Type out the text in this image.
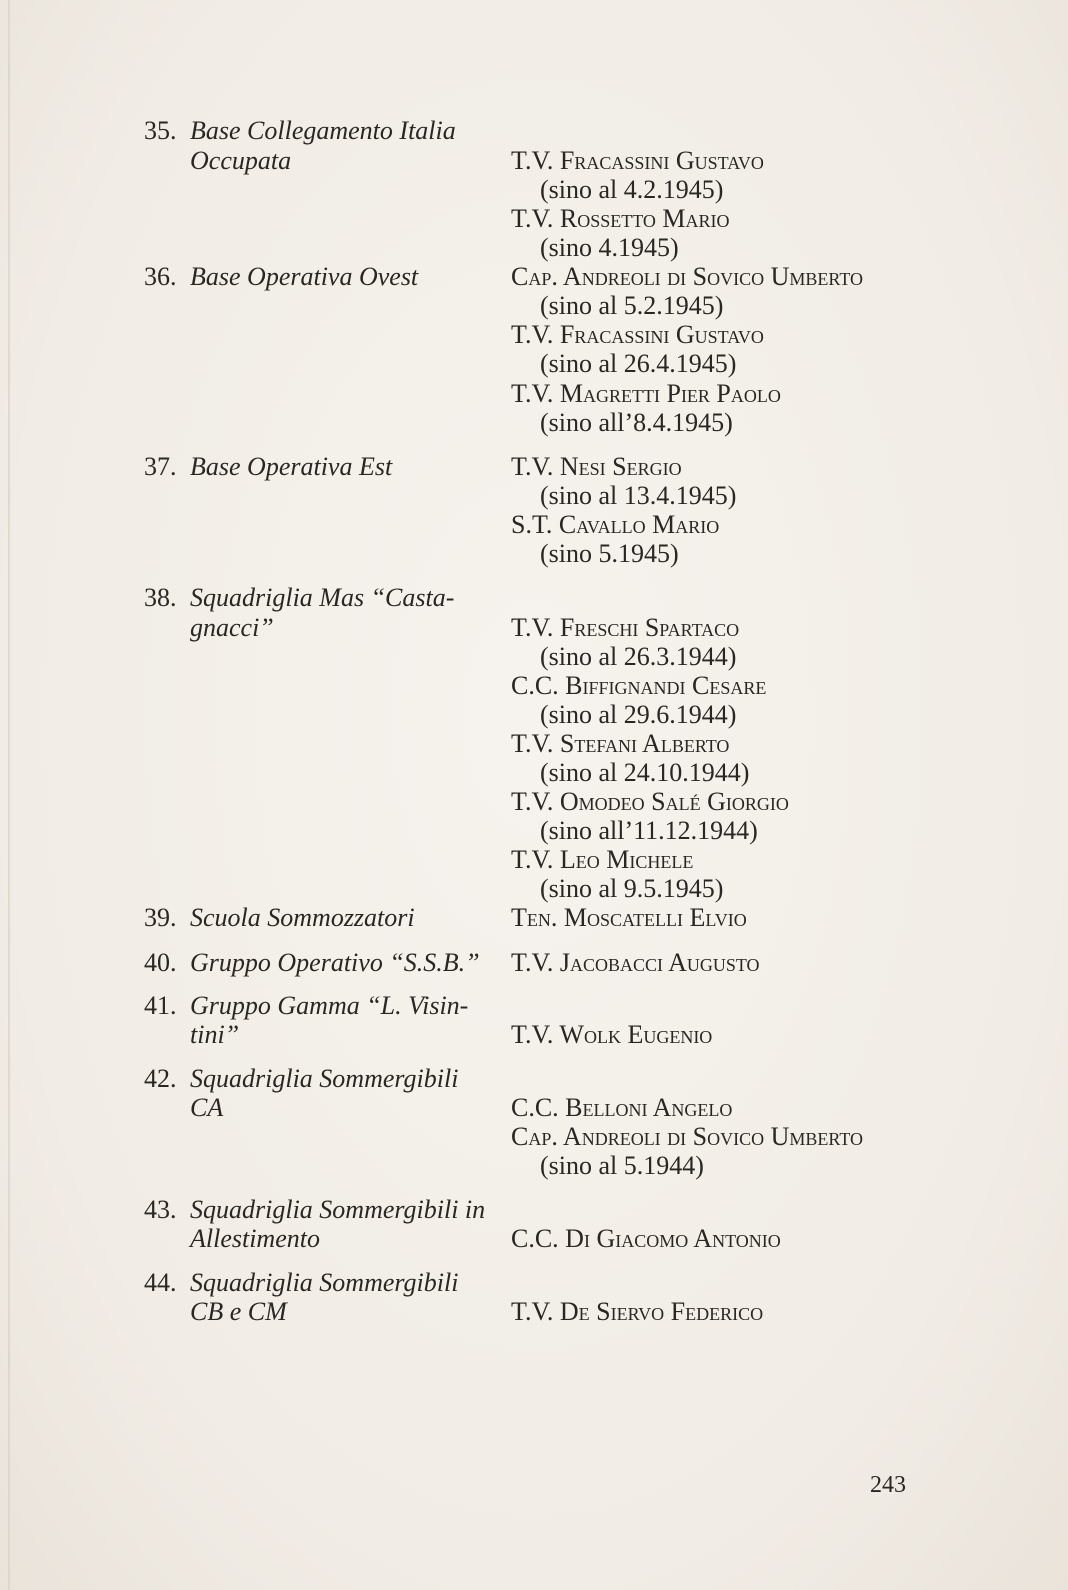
35. Base Collegamento Italia
Occupata	T.V. Fracassini Gustavo
(sino al 4.2.1945)
T.V. Rossetto Mario
(sino 4.1945)
36. Base Operativa Ovest	Cap. Andreoli di Sovico Umberto
(sino al 5.2.1945)
T.V. Fracassini Gustavo
(sino al 26.4.1945)
T.V. Magretti Pier Paolo
(sino all’8.4.1945)
37. Base Operativa Est	T.V. Nesi Sergio
(sino al 13.4.1945)
S.T. Cavallo Mario
(sino 5.1945)
38. Squadriglia Mas “Casta-
gnacci”	T.V. Freschi Spartaco
(sino al 26.3.1944)
C.C. Biffignandi Cesare
(sino al 29.6.1944)
T.V. Stefani Alberto
(sino al 24.10.1944)
T.V. Omodeo Salé Giorgio
(sino all’11.12.1944)
T.V. Leo Michele
(sino al 9.5.1945)
39. Scuola Sommozzatori	Ten. Moscatelli Elvio
40. Gruppo Operativo “S.S.B.” T.V. Jacobacci Augusto
41. Gruppo Gamma “L. Visin-
tini”	T.V. Wolk Eugenio
42. Squadriglia Sommergibili
CA	C.C. Belloni Angelo
Cap. Andreoli di Sovico Umberto
(sino al 5.1944)
43. Squadriglia Sommergibili in
Allestimento	C.C. Di Giacomo Antonio
44. Squadriglia Sommergibili
CB e CM	T.V. De Siervo Federico
243
